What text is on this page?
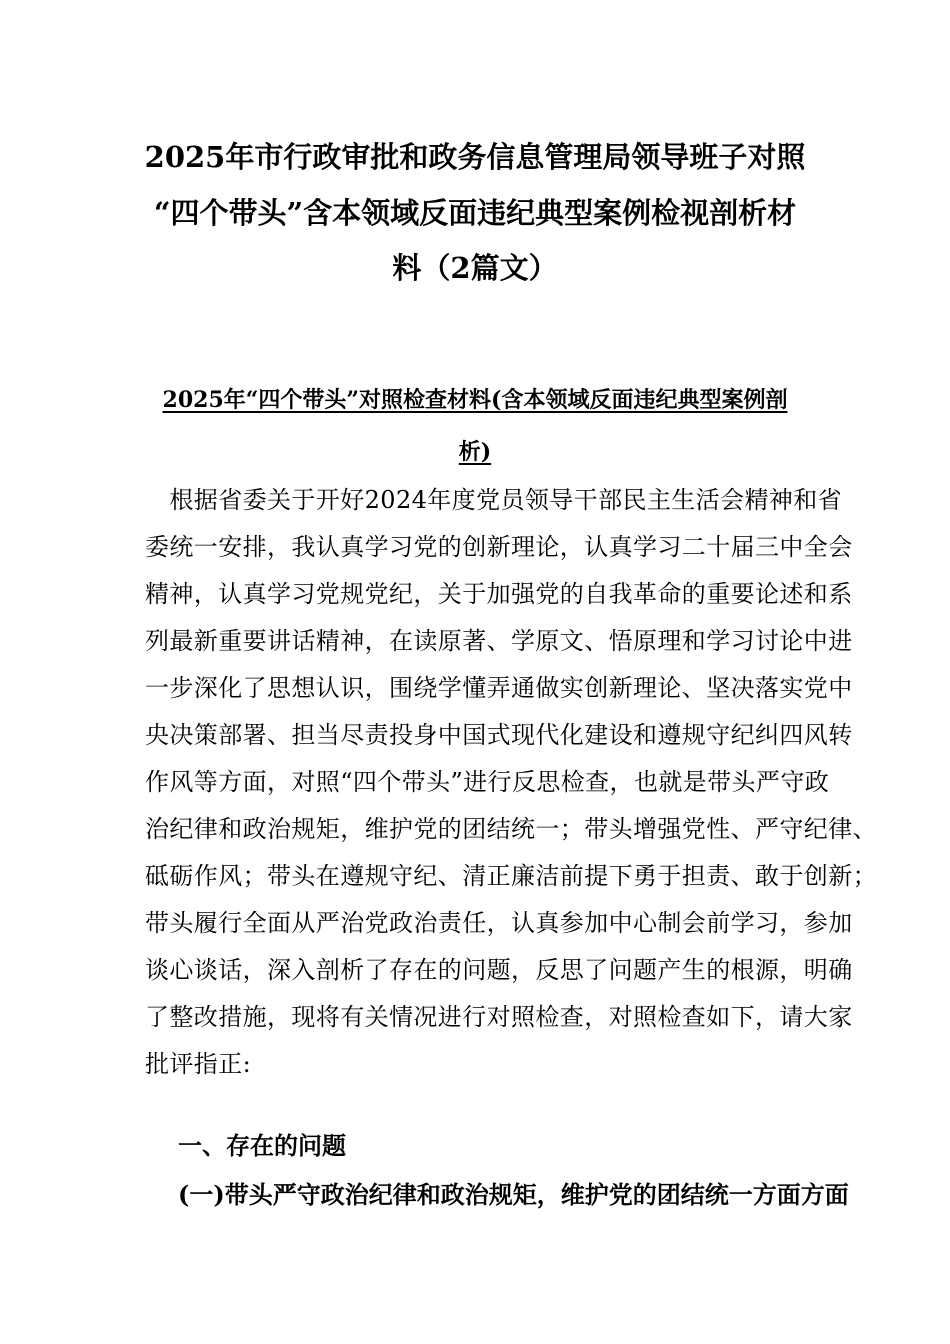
2025年市行政审批和政务信息管理局领导班子对照
“四个带头”含本领域反面违纪典型案例检视剖析材
料（2篇文）
2025年“四个带头”对照检查材料(含本领域反面违纪典型案例剖
析)
　根据省委关于开好2024年度党员领导干部民主生活会精神和省
委统一安排，我认真学习党的创新理论，认真学习二十届三中全会
精神，认真学习党规党纪，关于加强党的自我革命的重要论述和系
列最新重要讲话精神，在读原著、学原文、悟原理和学习讨论中进
一步深化了思想认识，围绕学懂弄通做实创新理论、坚决落实党中
央决策部署、担当尽责投身中国式现代化建设和遵规守纪纠四风转
作风等方面，对照“四个带头”进行反思检查，也就是带头严守政
治纪律和政治规矩，维护党的团结统一；带头增强党性、严守纪律、
砥砺作风；带头在遵规守纪、清正廉洁前提下勇于担责、敢于创新；
带头履行全面从严治党政治责任，认真参加中心制会前学习，参加
谈心谈话，深入剖析了存在的问题，反思了问题产生的根源，明确
了整改措施，现将有关情况进行对照检查，对照检查如下，请大家
批评指正:
一、存在的问题
(一)带头严守政治纪律和政治规矩，维护党的团结统一方面方面
